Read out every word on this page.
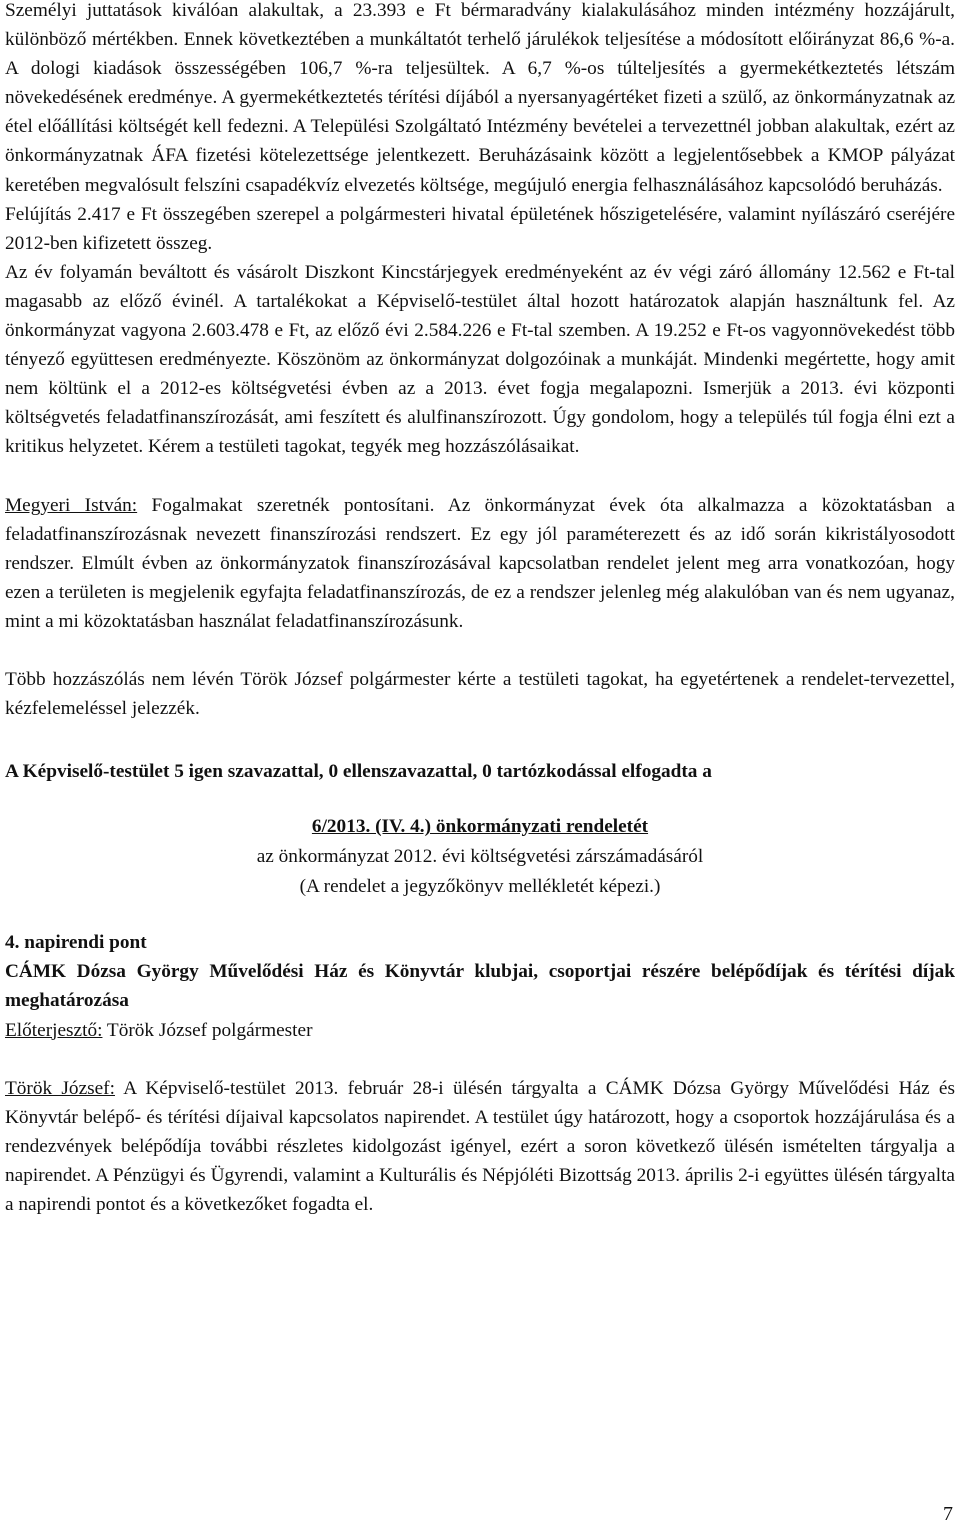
Személyi juttatások kiválóan alakultak, a 23.393 e Ft bérmaradvány kialakulásához minden intézmény hozzájárult, különböző mértékben. Ennek következtében a munkáltatót terhelő járulékok teljesítése a módosított előirányzat 86,6 %-a. A dologi kiadások összességében 106,7 %-ra teljesültek. A 6,7 %-os túlteljesítés a gyermekétkeztetés létszám növekedésének eredménye. A gyermekétkeztetés térítési díjából a nyersanyagértéket fizeti a szülő, az önkormányzatnak az étel előállítási költségét kell fedezni. A Települési Szolgáltató Intézmény bevételei a tervezettnél jobban alakultak, ezért az önkormányzatnak ÁFA fizetési kötelezettsége jelentkezett. Beruházásaink között a legjelentősebbek a KMOP pályázat keretében megvalósult felszíni csapadékvíz elvezetés költsége, megújuló energia felhasználásához kapcsolódó beruházás.

Felújítás 2.417 e Ft összegében szerepel a polgármesteri hivatal épületének hőszigetelésére, valamint nyílászáró cseréjére 2012-ben kifizetett összeg.

Az év folyamán beváltott és vásárolt Diszkont Kincstárjegyek eredményeként az év végi záró állomány 12.562 e Ft-tal magasabb az előző évinél. A tartalékokat a Képviselő-testület által hozott határozatok alapján használtunk fel. Az önkormányzat vagyona 2.603.478 e Ft, az előző évi 2.584.226 e Ft-tal szemben. A 19.252 e Ft-os vagyonnövekedést több tényező együttesen eredményezte. Köszönöm az önkormányzat dolgozóinak a munkáját. Mindenki megértette, hogy amit nem költünk el a 2012-es költségvetési évben az a 2013. évet fogja megalapozni. Ismerjük a 2013. évi központi költségvetés feladatfinanszírozását, ami feszített és alulfinanszírozott. Úgy gondolom, hogy a település túl fogja élni ezt a kritikus helyzetet. Kérem a testületi tagokat, tegyék meg hozzászólásaikat.

Megyeri István: Fogalmakat szeretnék pontosítani. Az önkormányzat évek óta alkalmazza a közoktatásban a feladatfinanszírozásnak nevezett finanszírozási rendszert. Ez egy jól paraméterezett és az idő során kikristályosodott rendszer. Elmúlt évben az önkormányzatok finanszírozásával kapcsolatban rendelet jelent meg arra vonatkozóan, hogy ezen a területen is megjelenik egyfajta feladatfinanszírozás, de ez a rendszer jelenleg még alakulóban van és nem ugyanaz, mint a mi közoktatásban használat feladatfinanszírozásunk.

Több hozzászólás nem lévén Török József polgármester kérte a testületi tagokat, ha egyetértenek a rendelet-tervezettel, kézfelemeléssel jelezzék.

A Képviselő-testület 5 igen szavazattal, 0 ellenszavazattal, 0 tartózkodással elfogadta a

6/2013. (IV. 4.) önkormányzati rendeletét
az önkormányzat 2012. évi költségvetési zárszámadásáról
(A rendelet a jegyzőkönyv mellékletét képezi.)

4. napirendi pont

CÁMK Dózsa György Művelődési Ház és Könyvtár klubjai, csoportjai részére belépődíjak és térítési díjak meghatározása

Előterjesztő: Török József polgármester

Török József: A Képviselő-testület 2013. február 28-i ülésén tárgyalta a CÁMK Dózsa György Művelődési Ház és Könyvtár belépő- és térítési díjaival kapcsolatos napirendet. A testület úgy határozott, hogy a csoportok hozzájárulása és a rendezvények belépődíja további részletes kidolgozást igényel, ezért a soron következő ülésén ismételten tárgyalja a napirendet. A Pénzügyi és Ügyrendi, valamint a Kulturális és Népjóléti Bizottság 2013. április 2-i együttes ülésén tárgyalta a napirendi pontot és a következőket fogadta el.

7
